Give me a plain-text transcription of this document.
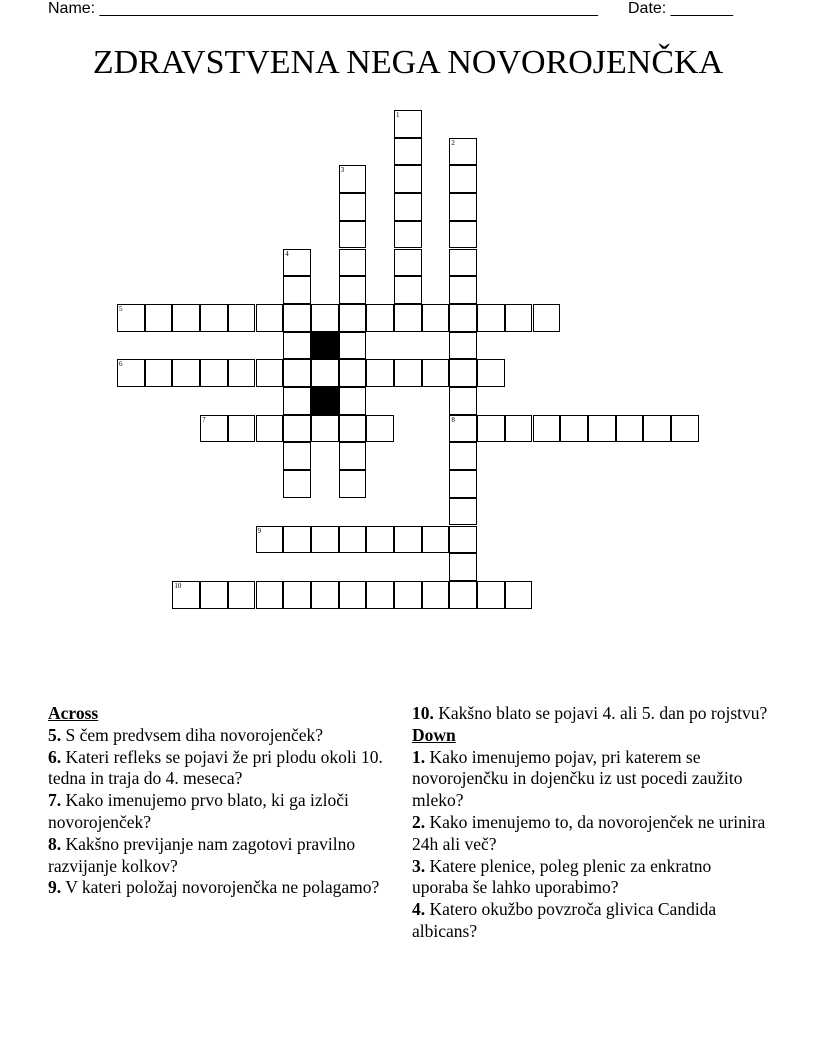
Name: ________________________________________________________ Date: _______
ZDRAVSTVENA NEGA NOVOROJENČKA
1
2
8
3
4
5
6
7
9
10
Across
5. S čem predvsem diha novorojenček?
6. Kateri refleks se pojavi že pri plodu okoli 10. tedna in traja do 4. meseca?
7. Kako imenujemo prvo blato, ki ga izloči novorojenček?
8. Kakšno previjanje nam zagotovi pravilno razvijanje kolkov?
9. V kateri položaj novorojenčka ne polagamo?
10. Kakšno blato se pojavi 4. ali 5. dan po rojstvu?
Down
1. Kako imenujemo pojav, pri katerem se novorojenčku in dojenčku iz ust pocedi zaužito mleko?
2. Kako imenujemo to, da novorojenček ne urinira 24h ali več?
3. Katere plenice, poleg plenic za enkratno uporaba še lahko uporabimo?
4. Katero okužbo povzroča glivica Candida albicans?
